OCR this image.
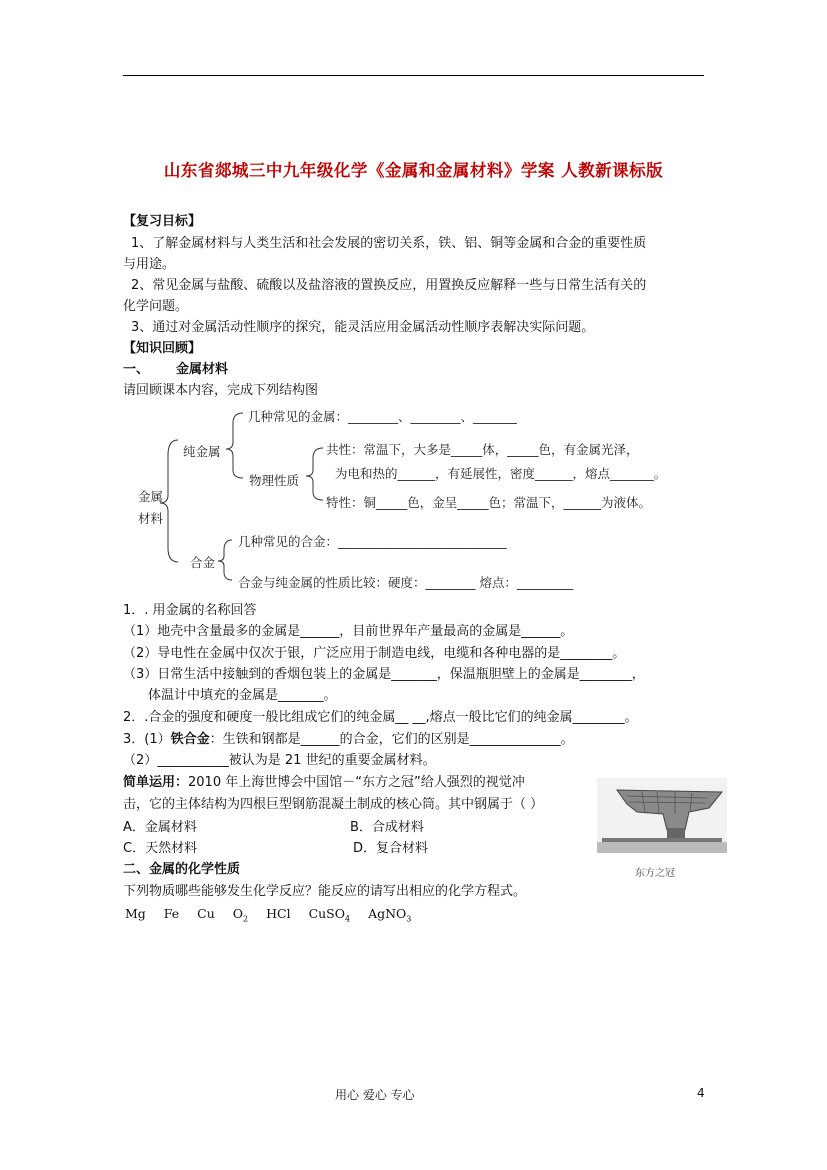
山东省郯城三中九年级化学《金属和金属材料》学案 人教新课标版
【复习目标】
1、了解金属材料与人类生活和社会发展的密切关系，铁、铝、铜等金属和合金的重要性质
与用途。
2、常见金属与盐酸、硫酸以及盐溶液的置换反应，用置换反应解释一些与日常生活有关的
化学问题。
3、通过对金属活动性顺序的探究，能灵活应用金属活动性顺序表解决实际问题。
【知识回顾】
一、 金属材料
请回顾课本内容，完成下列结构图
金属
材料
纯金属
几种常见的金属：________、________、_______
物理性质
共性：常温下，大多是_____体，_____色，有金属光泽，
为电和热的______，有延展性，密度______，熔点_______。
特性：铜_____色，金呈_____色；常温下，______为液体。
合金
几种常见的合金：___________________________
合金与纯金属的性质比较：硬度：________ 熔点：_________
1．. 用金属的名称回答
（1）地壳中含量最多的金属是______，目前世界年产量最高的金属是______。
（2）导电性在金属中仅次于银，广泛应用于制造电线，电缆和各种电器的是________。
（3）日常生活中接触到的香烟包装上的金属是_______，保温瓶胆壁上的金属是________，
体温计中填充的金属是_______。
2．.合金的强度和硬度一般比组成它们的纯金属__ __,熔点一般比它们的纯金属________。
3．(1）铁合金：生铁和钢都是______的合金，它们的区别是______________。
（2）___________被认为是 21 世纪的重要金属材料。
简单运用：2010 年上海世博会中国馆－“东方之冠”给人强烈的视觉冲
击，它的主体结构为四根巨型钢筋混凝土制成的核心筒。其中钢属于（ ）
A．金属材料	B．合成材料
C．天然材料	D．复合材料
东方之冠
二、金属的化学性质
下列物质哪些能够发生化学反应？能反应的请写出相应的化学方程式。
Mg Fe Cu $O_2$ HCl CuSO$_4$ AgNO$_3$
用心 爱心 专心	4
